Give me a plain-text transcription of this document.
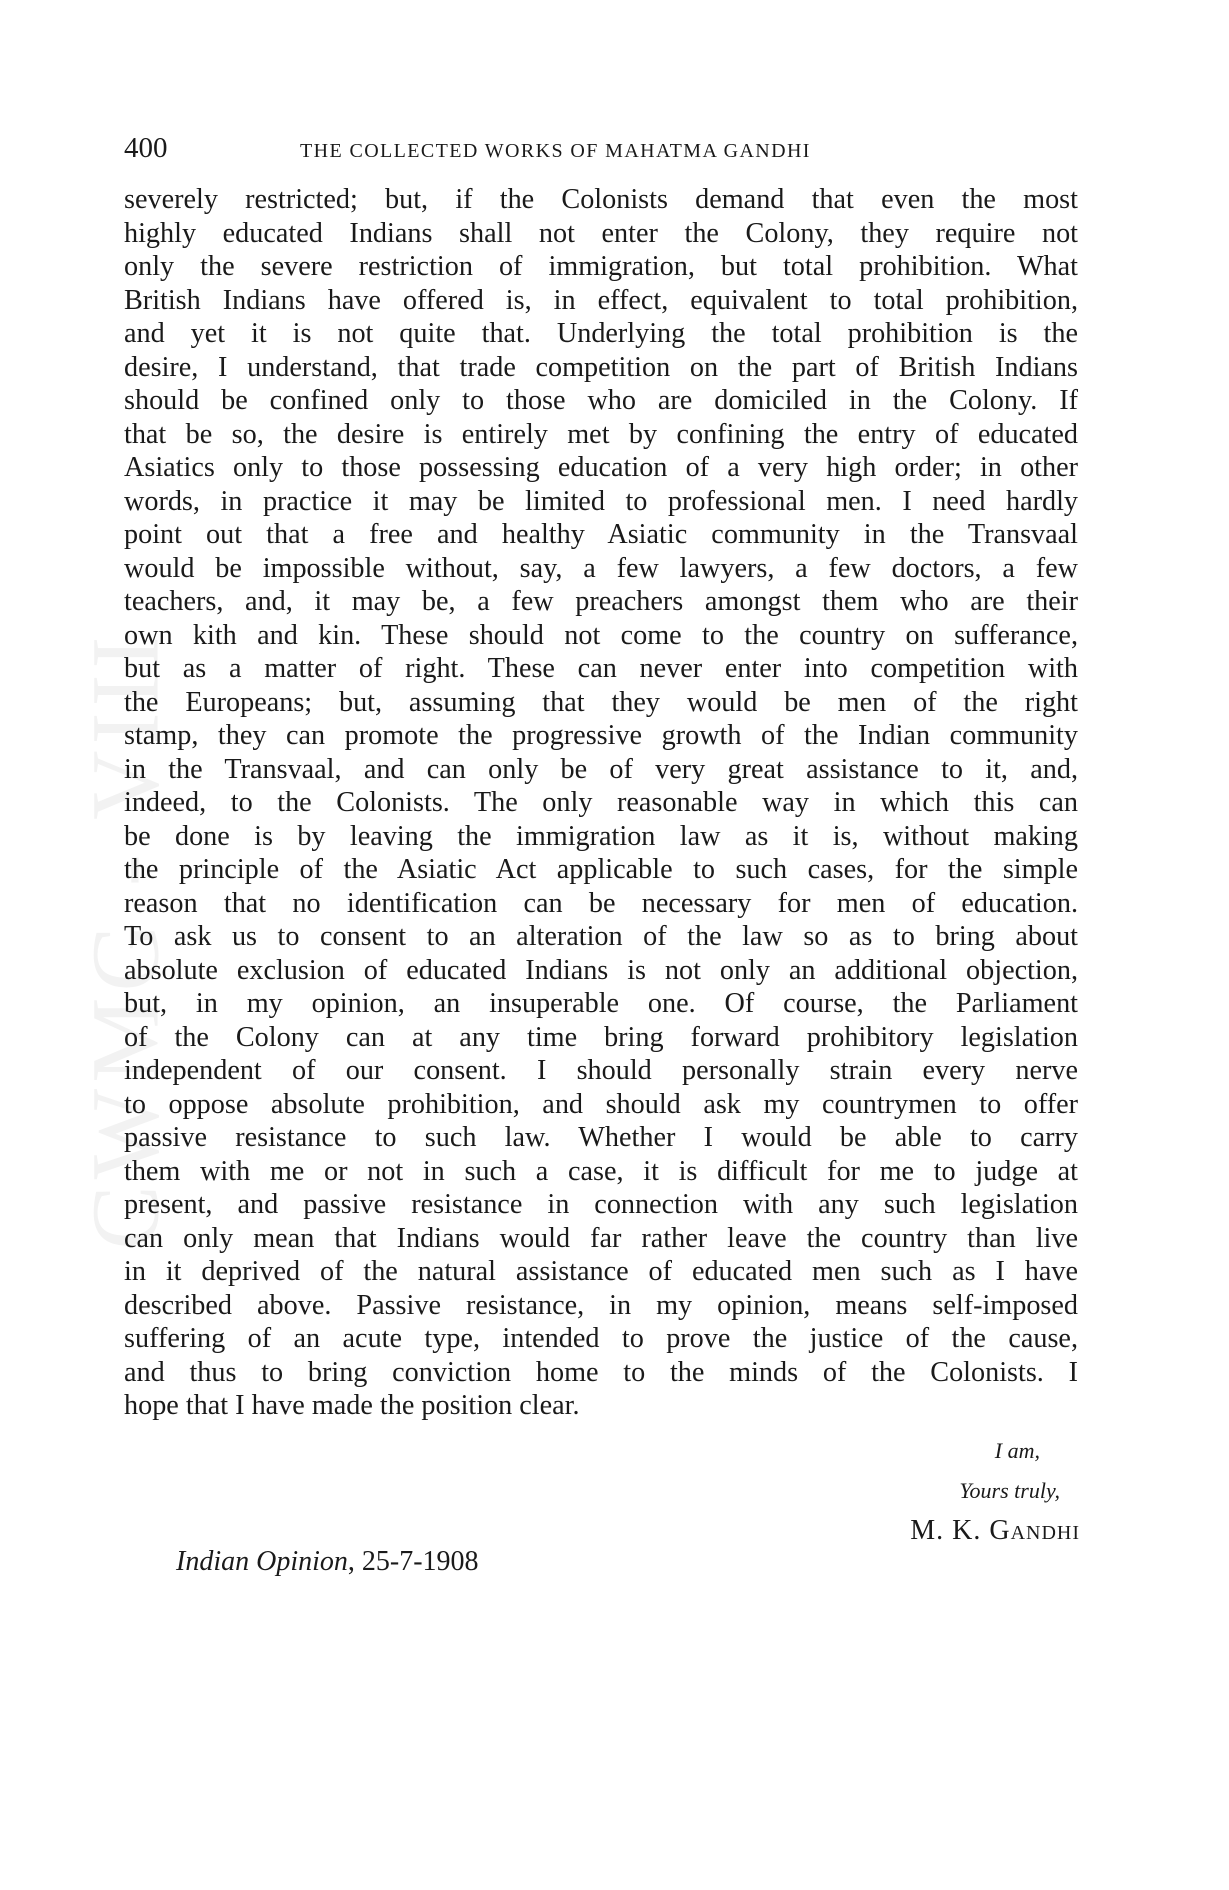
CWMG - VIII
400	THE COLLECTED WORKS OF MAHATMA GANDHI
severely restricted; but, if the Colonists demand that even the most
highly educated Indians shall not enter the Colony, they require not
only the severe restriction of immigration, but total prohibition. What
British Indians have offered is, in effect, equivalent to total prohibition,
and yet it is not quite that. Underlying the total prohibition is the
desire, I understand, that trade competition on the part of British Indians
should be confined only to those who are domiciled in the Colony. If
that be so, the desire is entirely met by confining the entry of educated
Asiatics only to those possessing education of a very high order; in other
words, in practice it may be limited to professional men. I need hardly
point out that a free and healthy Asiatic community in the Transvaal
would be impossible without, say, a few lawyers, a few doctors, a few
teachers, and, it may be, a few preachers amongst them who are their
own kith and kin. These should not come to the country on sufferance,
but as a matter of right. These can never enter into competition with
the Europeans; but, assuming that they would be men of the right
stamp, they can promote the progressive growth of the Indian community
in the Transvaal, and can only be of very great assistance to it, and,
indeed, to the Colonists. The only reasonable way in which this can
be done is by leaving the immigration law as it is, without making
the principle of the Asiatic Act applicable to such cases, for the simple
reason that no identification can be necessary for men of education.
To ask us to consent to an alteration of the law so as to bring about
absolute exclusion of educated Indians is not only an additional objection,
but, in my opinion, an insuperable one. Of course, the Parliament
of the Colony can at any time bring forward prohibitory legislation
independent of our consent. I should personally strain every nerve
to oppose absolute prohibition, and should ask my countrymen to offer
passive resistance to such law. Whether I would be able to carry
them with me or not in such a case, it is difficult for me to judge at
present, and passive resistance in connection with any such legislation
can only mean that Indians would far rather leave the country than live
in it deprived of the natural assistance of educated men such as I have
described above. Passive resistance, in my opinion, means self-imposed
suffering of an acute type, intended to prove the justice of the cause,
and thus to bring conviction home to the minds of the Colonists. I
hope that I have made the position clear.
I am,
Yours truly,
M. K. Gandhi
Indian Opinion, 25-7-1908
